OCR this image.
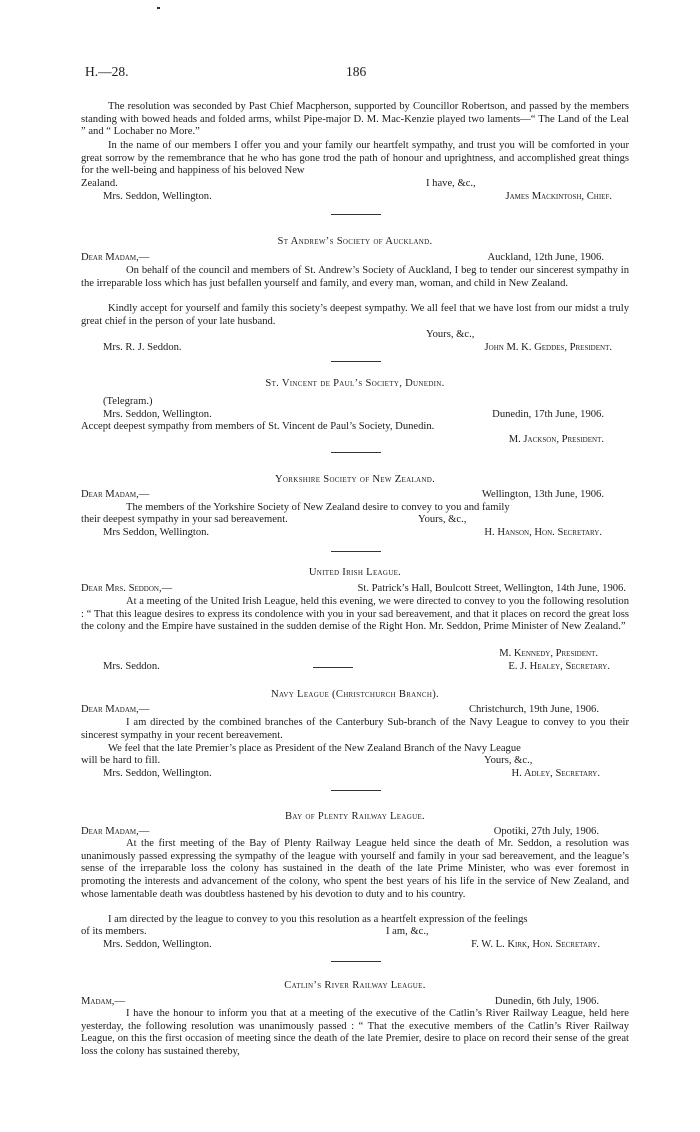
H.—28.	186
The resolution was seconded by Past Chief Macpherson, supported by Councillor Robertson, and passed by the members standing with bowed heads and folded arms, whilst Pipe-major D. M. Mac-Kenzie played two laments—“ The Land of the Leal ” and “ Lochaber no More.”
In the name of our members I offer you and your family our heartfelt sympathy, and trust you will be comforted in your great sorrow by the remembrance that he who has gone trod the path of honour and uprightness, and accomplished great things for the well-being and happiness of his beloved New
Zealand.	I have, &c.,
Mrs. Seddon, Wellington.	James Mackintosh, Chief.
St Andrew’s Society of Auckland.
Dear Madam,—	Auckland, 12th June, 1906.
On behalf of the council and members of St. Andrew’s Society of Auckland, I beg to tender our sincerest sympathy in the irreparable loss which has just befallen yourself and family, and every man, woman, and child in New Zealand.
Kindly accept for yourself and family this society’s deepest sympathy. We all feel that we have lost from our midst a truly great chief in the person of your late husband.
Yours, &c.,
Mrs. R. J. Seddon.	John M. K. Geddes, President.
St. Vincent de Paul’s Society, Dunedin.
(Telegram.)
Mrs. Seddon, Wellington.	Dunedin, 17th June, 1906.
Accept deepest sympathy from members of St. Vincent de Paul’s Society, Dunedin.
M. Jackson, President.
Yorkshire Society of New Zealand.
Dear Madam,—	Wellington, 13th June, 1906.
The members of the Yorkshire Society of New Zealand desire to convey to you and family
their deepest sympathy in your sad bereavement.	Yours, &c.,
Mrs Seddon, Wellington.	H. Hanson, Hon. Secretary.
United Irish League.
Dear Mrs. Seddon,—	St. Patrick’s Hall, Boulcott Street, Wellington, 14th June, 1906.
At a meeting of the United Irish League, held this evening, we were directed to convey to you the following resolution : “ That this league desires to express its condolence with you in your sad bereavement, and that it places on record the great loss the colony and the Empire have sustained in the sudden demise of the Right Hon. Mr. Seddon, Prime Minister of New Zealand.”
M. Kennedy, President.
Mrs. Seddon.	E. J. Healey, Secretary.
Navy League (Christchurch Branch).
Dear Madam,—	Christchurch, 19th June, 1906.
I am directed by the combined branches of the Canterbury Sub-branch of the Navy League to convey to you their sincerest sympathy in your recent bereavement.
We feel that the late Premier’s place as President of the New Zealand Branch of the Navy League
will be hard to fill.	Yours, &c.,
Mrs. Seddon, Wellington.	H. Adley, Secretary.
Bay of Plenty Railway League.
Dear Madam,—	Opotiki, 27th July, 1906.
At the first meeting of the Bay of Plenty Railway League held since the death of Mr. Seddon, a resolution was unanimously passed expressing the sympathy of the league with yourself and family in your sad bereavement, and the league’s sense of the irreparable loss the colony has sustained in the death of the late Prime Minister, who was ever foremost in promoting the interests and advancement of the colony, who spent the best years of his life in the service of New Zealand, and whose lamentable death was doubtless hastened by his devotion to duty and to his country.
I am directed by the league to convey to you this resolution as a heartfelt expression of the feelings
of its members.	I am, &c.,
Mrs. Seddon, Wellington.	F. W. L. Kirk, Hon. Secretary.
Catlin’s River Railway League.
Madam,—	Dunedin, 6th July, 1906.
I have the honour to inform you that at a meeting of the executive of the Catlin’s River Railway League, held here yesterday, the following resolution was unanimously passed : “ That the executive members of the Catlin’s River Railway League, on this the first occasion of meeting since the death of the late Premier, desire to place on record their sense of the great loss the colony has sustained thereby,
